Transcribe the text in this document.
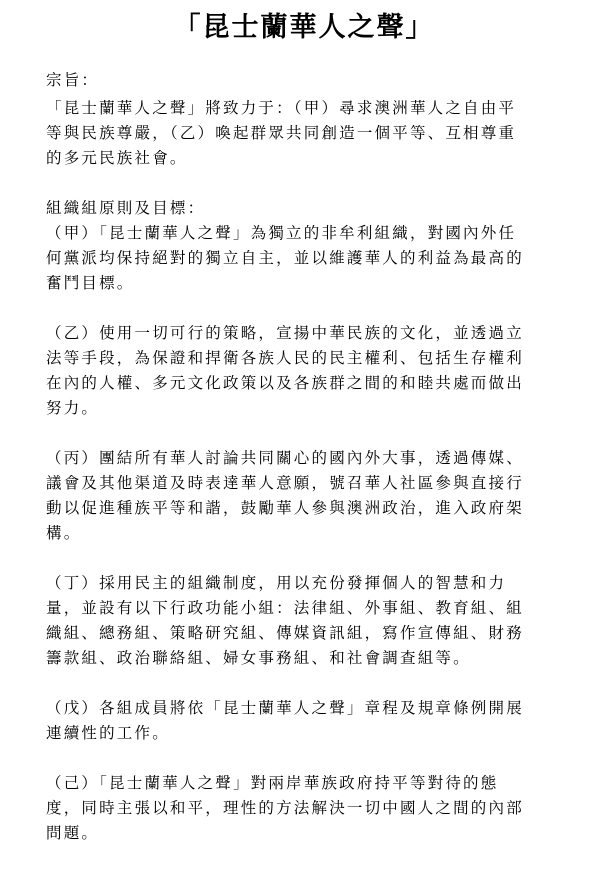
「昆士蘭華人之聲」
宗旨：
「昆士蘭華人之聲」將致力于：（甲）尋求澳洲華人之自由平
等與民族尊嚴，（乙）喚起群眾共同創造一個平等、互相尊重
的多元民族社會。
組織組原則及目標：
（甲）「昆士蘭華人之聲」為獨立的非牟利組織，對國內外任
何黨派均保持絕對的獨立自主，並以維護華人的利益為最高的
奮鬥目標。
（乙）使用一切可行的策略，宣揚中華民族的文化，並透過立
法等手段，為保證和捍衛各族人民的民主權利、包括生存權利
在內的人權、多元文化政策以及各族群之間的和睦共處而做出
努力。
（丙）團結所有華人討論共同關心的國內外大事，透過傳媒、
議會及其他渠道及時表達華人意願，號召華人社區參與直接行
動以促進種族平等和諧，鼓勵華人參與澳洲政治，進入政府架
構。
（丁）採用民主的組織制度，用以充份發揮個人的智慧和力
量，並設有以下行政功能小組：法律組、外事組、教育組、組
織組、總務組、策略研究組、傳媒資訊組，寫作宣傳組、財務
籌款組、政治聯絡組、婦女事務組、和社會調查組等。
（戊）各組成員將依「昆士蘭華人之聲」章程及規章條例開展
連續性的工作。
（己）「昆士蘭華人之聲」對兩岸華族政府持平等對待的態
度，同時主張以和平，理性的方法解決一切中國人之間的內部
問題。
